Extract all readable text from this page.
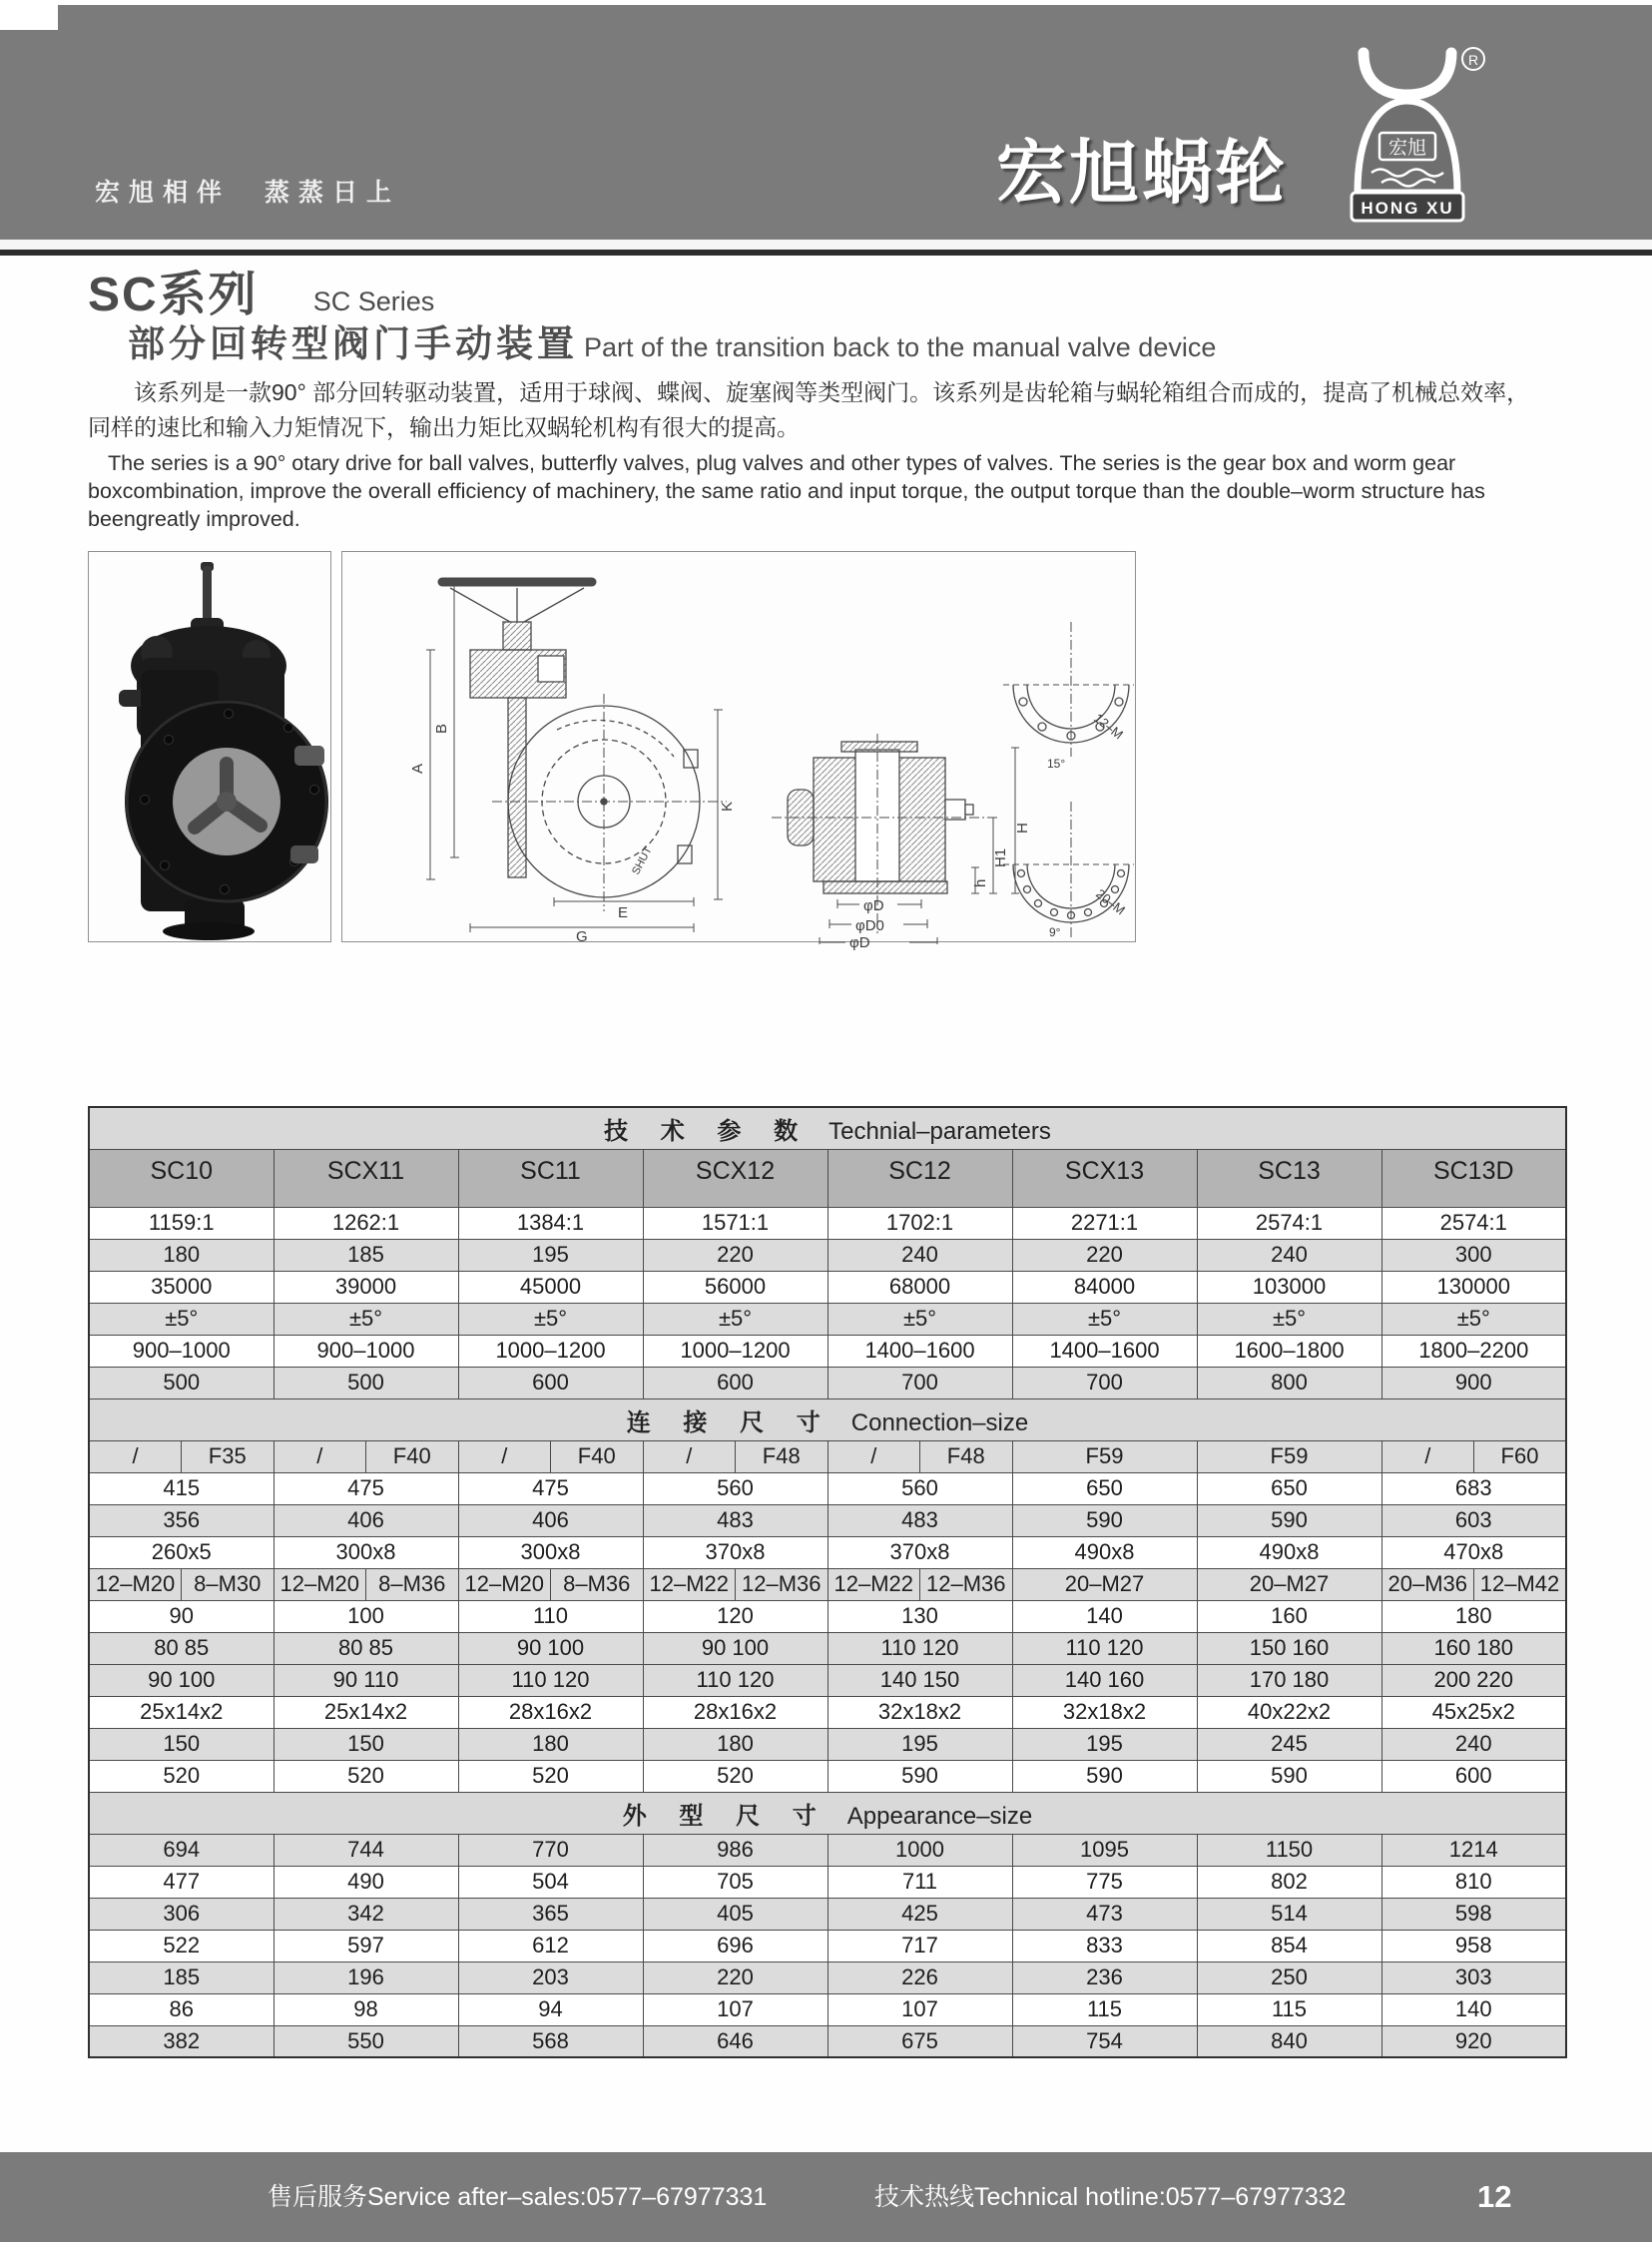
宏旭相伴　蒸蒸日上	宏旭蜗轮	宏旭
HONG XU
R
SC系列 SC Series
部分回转型阀门手动装置 Part of the transition back to the manual valve device
该系列是一款90° 部分回转驱动装置，适用于球阀、蝶阀、旋塞阀等类型阀门。该系列是齿轮箱与蜗轮箱组合而成的，提高了机械总效率，
同样的速比和输入力矩情况下，输出力矩比双蜗轮机构有很大的提高。
The series is a 90° otary drive for ball valves, butterfly valves, plug valves and other types of valves. The series is the gear box and worm gear boxcombination, improve the overall efficiency of machinery, the same ratio and input torque, the output torque than the double–worm structure has beengreatly improved.
B
A
E
G
K
SHUT
φD
φD0
φD
h
H1
H
12–M
15°
20–M
9°
技 术 参 数 Technial–parameters													
SC10		SCX11		SC11		SCX12		SC12		SCX13	SC13	SC13D	
1159:1		1262:1		1384:1		1571:1		1702:1		2271:1	2574:1	2574:1	
180		185		195		220		240		220	240	300	
35000		39000		45000		56000		68000		84000	103000	130000	
±5°		±5°		±5°		±5°		±5°		±5°	±5°	±5°	
900–1000		900–1000		1000–1200		1000–1200		1400–1600		1400–1600	1600–1800	1800–2200	
500		500		600		600		700		700	800	900	
连 接 尺 寸 Connection–size													
/	F35	/	F40	/	F40	/	F48	/	F48	F59	F59	/	F60
415		475		475		560		560		650	650	683	
356		406		406		483		483		590	590	603	
260x5		300x8		300x8		370x8		370x8		490x8	490x8	470x8	
12–M20	8–M30	12–M20	8–M36	12–M20	8–M36	12–M22	12–M36	12–M22	12–M36	20–M27	20–M27	20–M36	12–M42
90		100		110		120		130		140	160	180	
80 85		80 85		90 100		90 100		110 120		110 120	150 160	160 180	
90 100		90 110		110 120		110 120		140 150		140 160	170 180	200 220	
25x14x2		25x14x2		28x16x2		28x16x2		32x18x2		32x18x2	40x22x2	45x25x2	
150		150		180		180		195		195	245	240	
520		520		520		520		590		590	590	600	
外 型 尺 寸 Appearance–size													
694		744		770		986		1000		1095	1150	1214	
477		490		504		705		711		775	802	810	
306		342		365		405		425		473	514	598	
522		597		612		696		717		833	854	958	
185		196		203		220		226		236	250	303	
86		98		94		107		107		115	115	140	
382		550		568		646		675		754	840	920	
售后服务Service after–sales:0577–67977331	技术热线Technical hotline:0577–67977332	12
